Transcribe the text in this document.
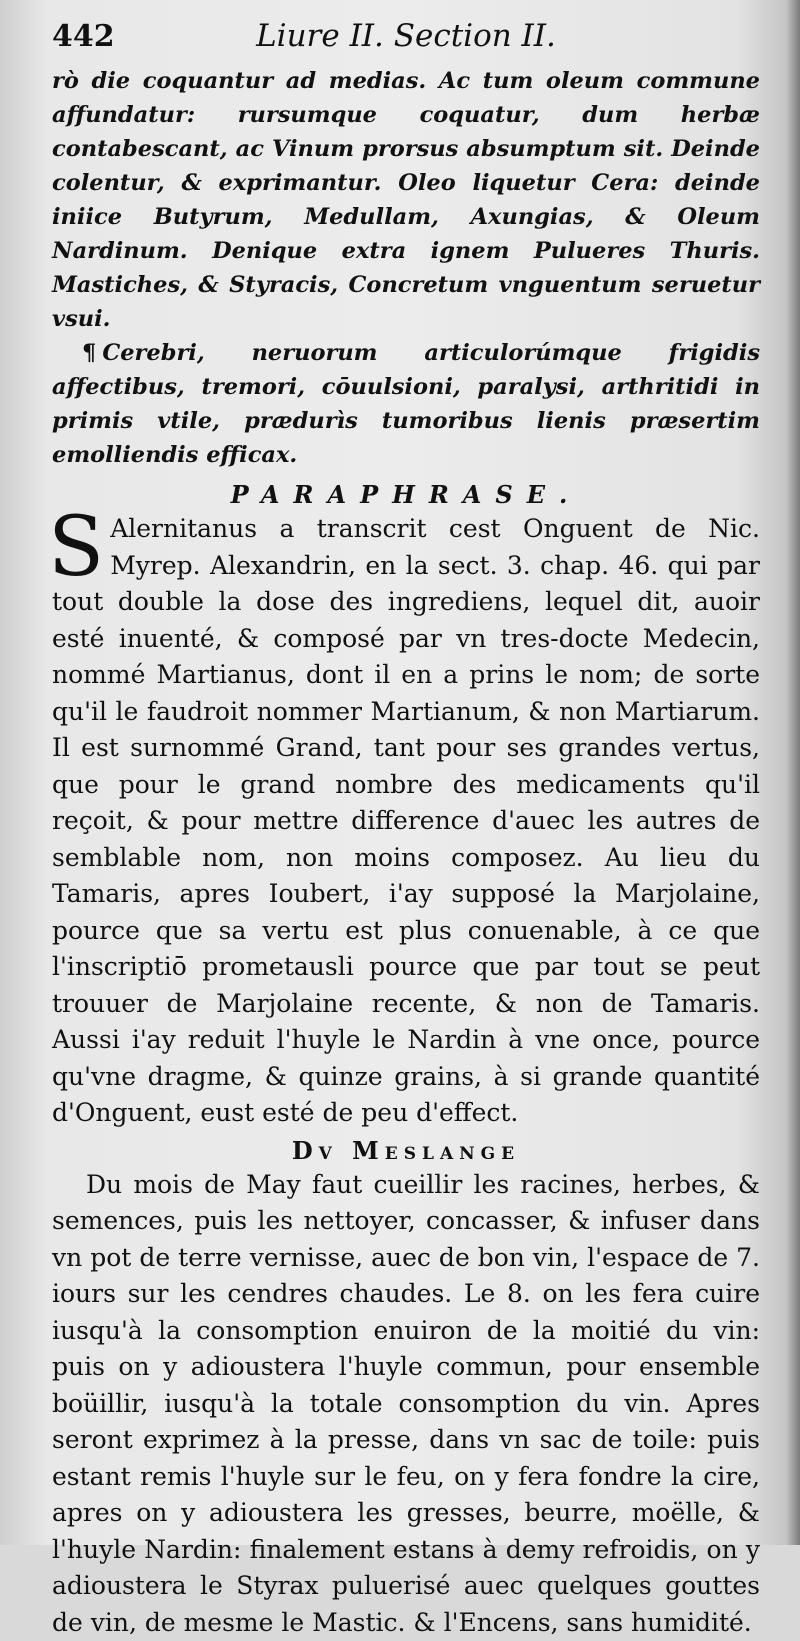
442	Liure II. Section II.

rò die coquantur ad medias. Ac tum oleum commune affundatur: rursumque coquatur, dum herbæ contabescant, ac Vinum prorsus absumptum sit. Deinde colentur, & exprimantur. Oleo liquetur Cera: deinde iniice Butyrum, Medullam, Axungias, & Oleum Nardinum. Denique extra ignem Pulueres Thuris. Mastiches, & Styracis, Concretum vnguentum seruetur vsui.

¶ Cerebri, neruorum articulorúmque frigidis affectibus, tremori, cōuulsioni, paralysi, arthritidi in primis vtile, prædurìs tumoribus lienis præsertim emolliendis efficax.

PARAPHRASE.

S Alernitanus a transcrit cest Onguent de Nic. Myrep. Alexandrin, en la sect. 3. chap. 46. qui par tout double la dose des ingrediens, lequel dit, auoir esté inuenté, & composé par vn tres-docte Medecin, nommé Martianus, dont il en a prins le nom; de sorte qu'il le faudroit nommer Martianum, & non Martiarum. Il est surnommé Grand, tant pour ses grandes vertus, que pour le grand nombre des medicaments qu'il reçoit, & pour mettre difference d'auec les autres de semblable nom, non moins composez. Au lieu du Tamaris, apres Ioubert, i'ay supposé la Marjolaine, pource que sa vertu est plus conuenable, à ce que l'inscriptiō prometausli pource que par tout se peut trouuer de Marjolaine recente, & non de Tamaris. Aussi i'ay reduit l'huyle le Nardin à vne once, pource qu'vne dragme, & quinze grains, à si grande quantité d'Onguent, eust esté de peu d'effect.

Dv Meslange

Du mois de May faut cueillir les racines, herbes, & semences, puis les nettoyer, concasser, & infuser dans vn pot de terre vernisse, auec de bon vin, l'espace de 7. iours sur les cendres chaudes. Le 8. on les fera cuire iusqu'à la consomption enuiron de la moitié du vin: puis on y adioustera l'huyle commun, pour ensemble boüillir, iusqu'à la totale consomption du vin. Apres seront exprimez à la presse, dans vn sac de toile: puis estant remis l'huyle sur le feu, on y fera fondre la cire, apres on y adioustera les gresses, beurre, moëlle, & l'huyle Nardin: finalement estans à demy refroidis, on y adioustera le Styrax puluerisé auec quelques gouttes de vin, de mesme le Mastic. & l'Encens, sans humidité.
